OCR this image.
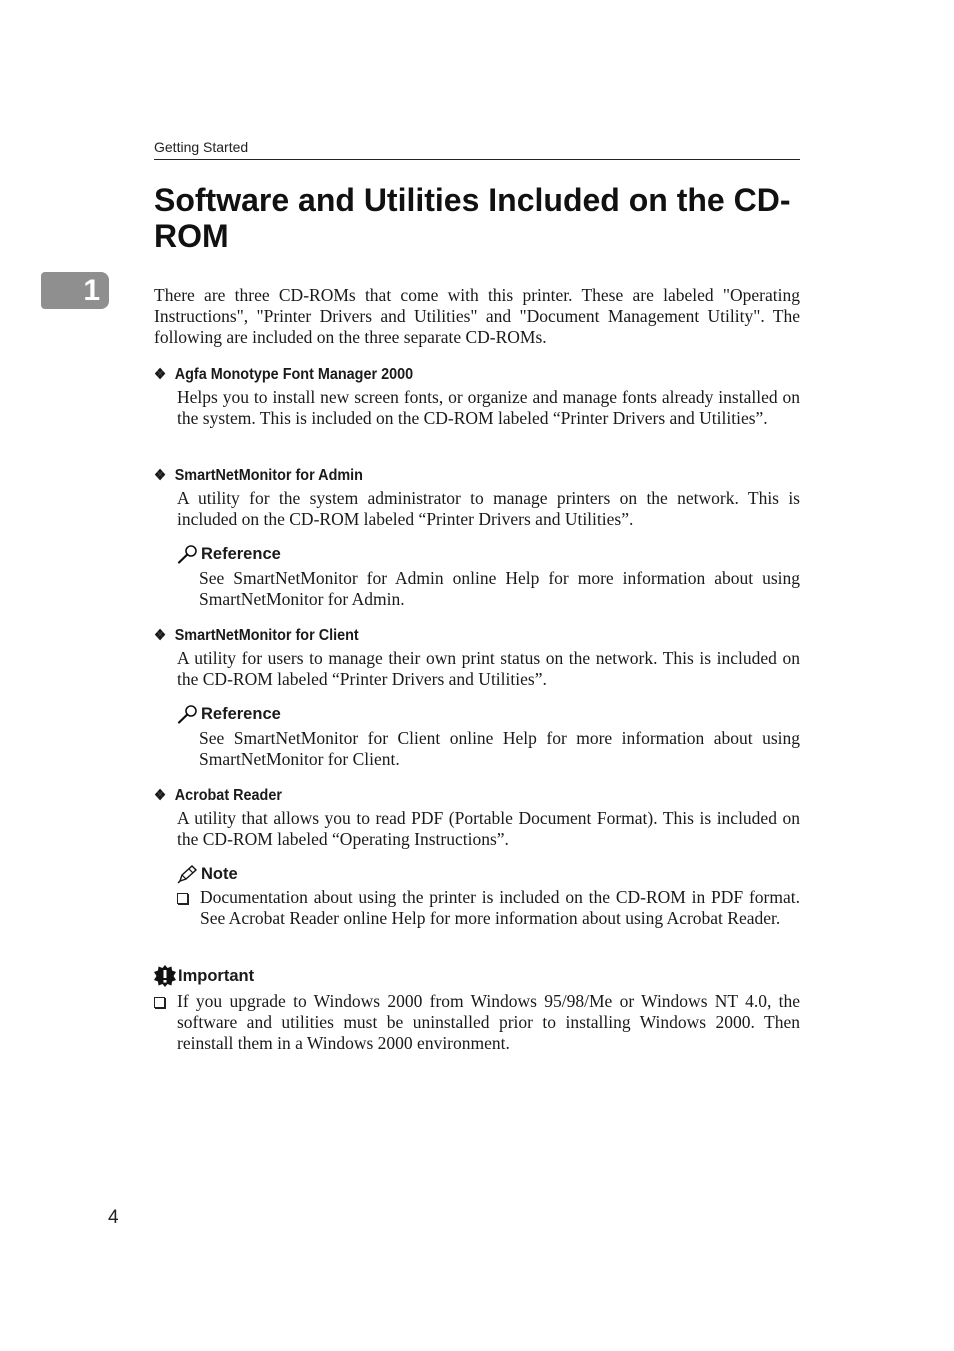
Getting Started
1
Software and Utilities Included on the CD-ROM

There are three CD-ROMs that come with this printer. These are labeled "Operating Instructions", "Printer Drivers and Utilities" and "Document Management Utility". The following are included on the three separate CD-ROMs.

❖ Agfa Monotype Font Manager 2000
Helps you to install new screen fonts, or organize and manage fonts already installed on the system. This is included on the CD-ROM labeled “Printer Drivers and Utilities”.
❖ SmartNetMonitor for Admin
A utility for the system administrator to manage printers on the network. This is included on the CD-ROM labeled “Printer Drivers and Utilities”.
Reference
See SmartNetMonitor for Admin online Help for more information about using SmartNetMonitor for Admin.
❖ SmartNetMonitor for Client
A utility for users to manage their own print status on the network. This is included on the CD-ROM labeled “Printer Drivers and Utilities”.
Reference
See SmartNetMonitor for Client online Help for more information about using SmartNetMonitor for Client.
❖ Acrobat Reader
A utility that allows you to read PDF (Portable Document Format). This is included on the CD-ROM labeled “Operating Instructions”.
Note
Documentation about using the printer is included on the CD-ROM in PDF format. See Acrobat Reader online Help for more information about using Acrobat Reader.
Important
If you upgrade to Windows 2000 from Windows 95/98/Me or Windows NT 4.0, the software and utilities must be uninstalled prior to installing Windows 2000. Then reinstall them in a Windows 2000 environment.
4
